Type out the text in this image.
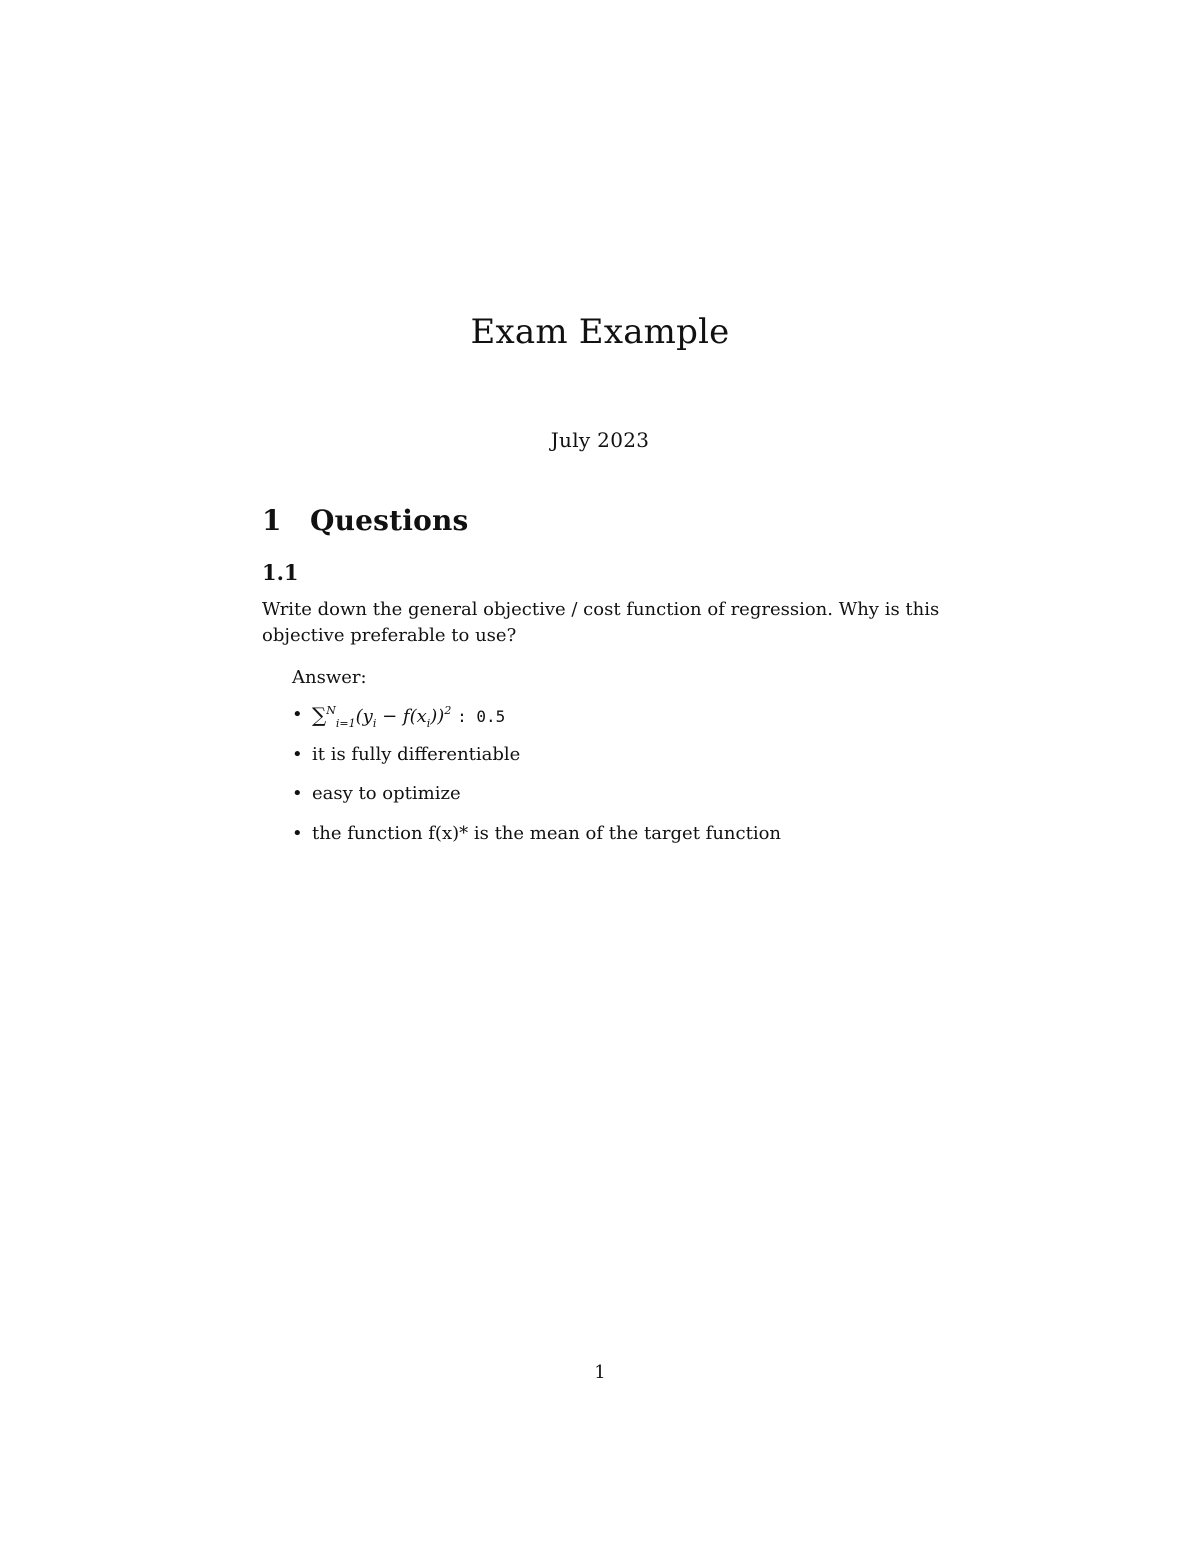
Exam Example
July 2023
1 Questions
1.1
Write down the general objective / cost function of regression. Why is this objective preferable to use?
Answer:
• $\sum^N_{i=1}(y_i - f(x_i))^2$ : 0.5
• it is fully differentiable
• easy to optimize
• the function f(x)* is the mean of the target function
1
